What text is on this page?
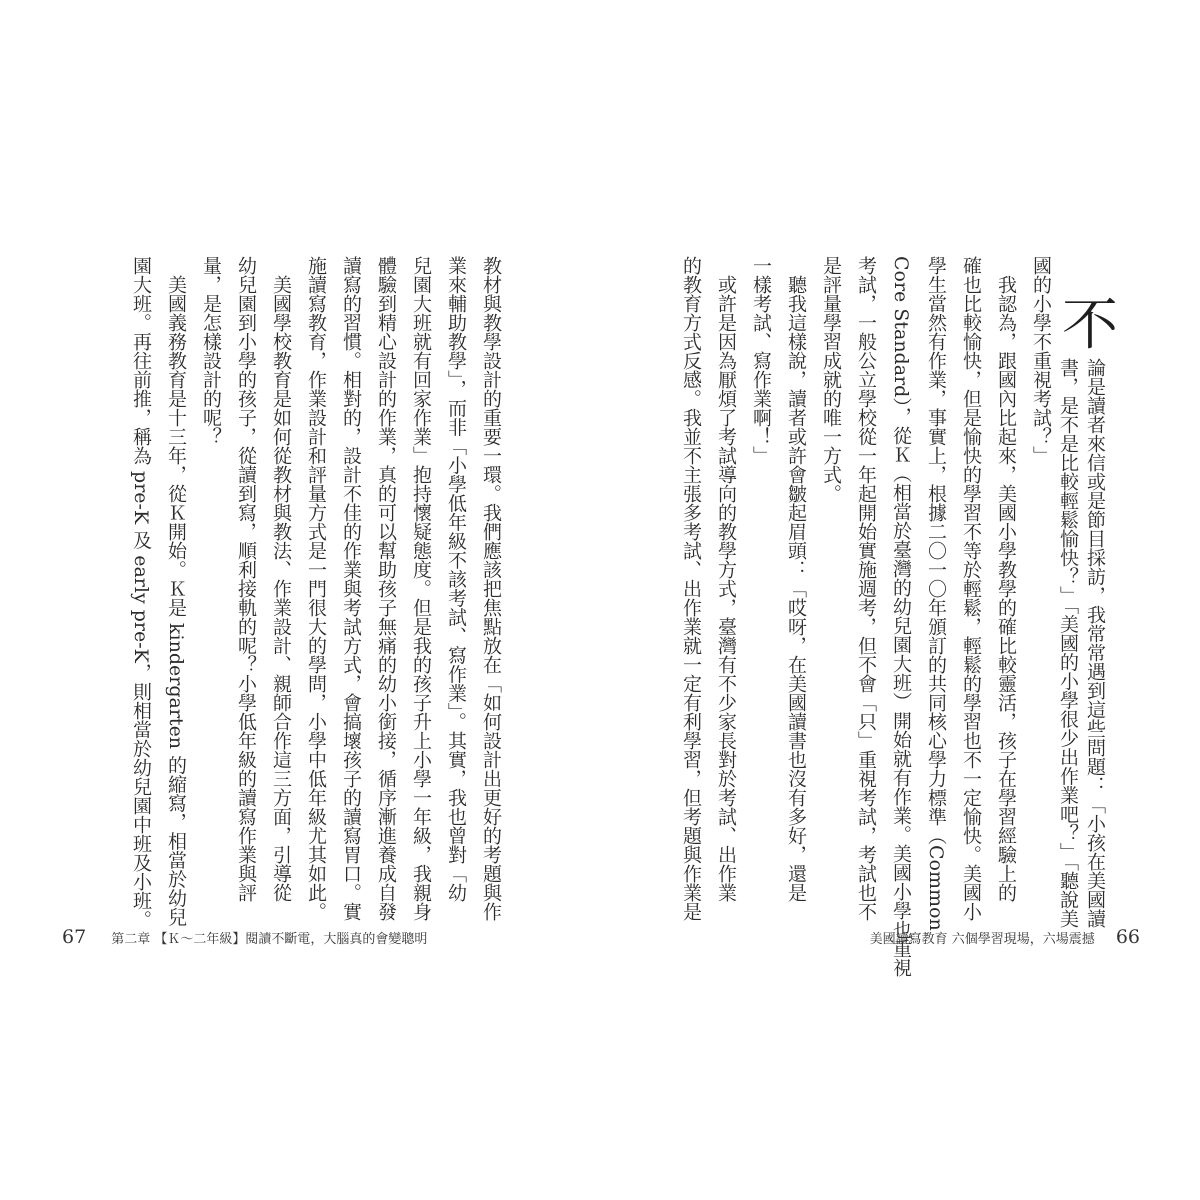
不
論是讀者來信或是節目採訪，我常常遇到這些問題：「小孩在美國讀
書，是不是比較輕鬆愉快？」「美國的小學很少出作業吧？」「聽說美
國的小學不重視考試？」
　我認為，跟國內比起來，美國小學教學的確比較靈活，孩子在學習經驗上的
確也比較愉快，但是愉快的學習不等於輕鬆，輕鬆的學習也不一定愉快。美國小
學生當然有作業，事實上，根據二〇一〇年頒訂的共同核心學力標準（Common
Core Standard），從Ｋ（相當於臺灣的幼兒園大班）開始就有作業。美國小學也重視
考試，一般公立學校從一年起開始實施週考，但不會「只」重視考試，考試也不
是評量學習成就的唯一方式。
　聽我這樣說，讀者或許會皺起眉頭：「哎呀，在美國讀書也沒有多好，還是
一樣考試、寫作業啊！」
　或許是因為厭煩了考試導向的教學方式，臺灣有不少家長對於考試、出作業
的教育方式反感。我並不主張多考試、出作業就一定有利學習，但考題與作業是
教材與教學設計的重要一環。我們應該把焦點放在「如何設計出更好的考題與作
業來輔助教學」，而非「小學低年級不該考試、寫作業」。其實，我也曾對「幼
兒園大班就有回家作業」抱持懷疑態度。但是我的孩子升上小學一年級，我親身
體驗到精心設計的作業，真的可以幫助孩子無痛的幼小銜接，循序漸進養成自發
讀寫的習慣。相對的，設計不佳的作業與考試方式，會搞壞孩子的讀寫胃口。實
施讀寫教育，作業設計和評量方式是一門很大的學問，小學中低年級尤其如此。
　美國學校教育是如何從教材與教法、作業設計、親師合作這三方面，引導從
幼兒園到小學的孩子，從讀到寫，順利接軌的呢？小學低年級的讀寫作業與評
量，是怎樣設計的呢？
　美國義務教育是十三年，從Ｋ開始。Ｋ是 kindergarten 的縮寫，相當於幼兒
園大班。再往前推，稱為 pre-K 及 early pre-K，則相當於幼兒園中班及小班。
67 第二章 【Ｋ～二年級】閱讀不斷電，大腦真的會變聰明	美國讀寫教育 六個學習現場，六場震撼 66
